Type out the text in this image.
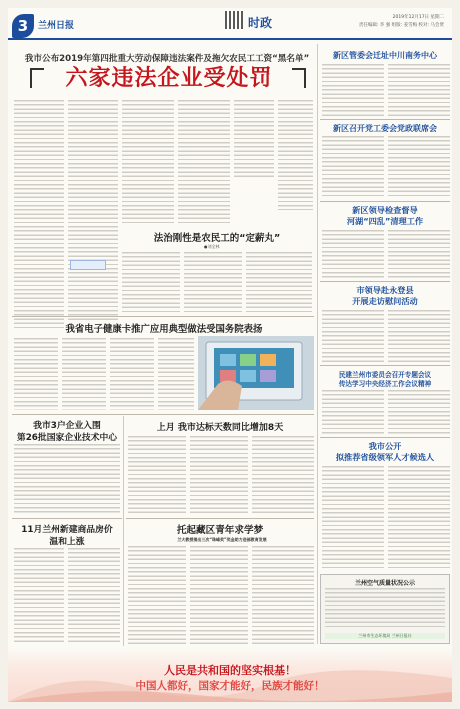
3	兰州日报	时政	2019年12月17日 星期二
责任编辑: 李 强 组版: 姜雪梅 校对: 马会贤
我市公布2019年第四批重大劳动保障违法案件及拖欠农民工工资“黑名单”
六家违法企业受处罚
法治刚性是农民工的“定薪丸”
●刘全林
我省电子健康卡推广应用典型做法受国务院表扬
我市3户企业入围
第26批国家企业技术中心
上月 我市达标天数同比增加8天
11月兰州新建商品房价
温和上涨
托起藏区青年求学梦
兰大教授捐出三次“珠峰奖”奖金助力迭部教育发展
新区管委会迁址中川南务中心
新区召开党工委会党政联席会
新区领导检查督导
河湖“四乱”清理工作
市领导赴永登县
开展走访慰问活动
民建兰州市委员会召开专题会议
传达学习中央经济工作会议精神
我市公开
拟推荐省级领军人才候选人
兰州空气质量状况公示
兰州市生态环境局 兰州日报社
人民是共和国的坚实根基！
中国人都好，国家才能好，民族才能好！
